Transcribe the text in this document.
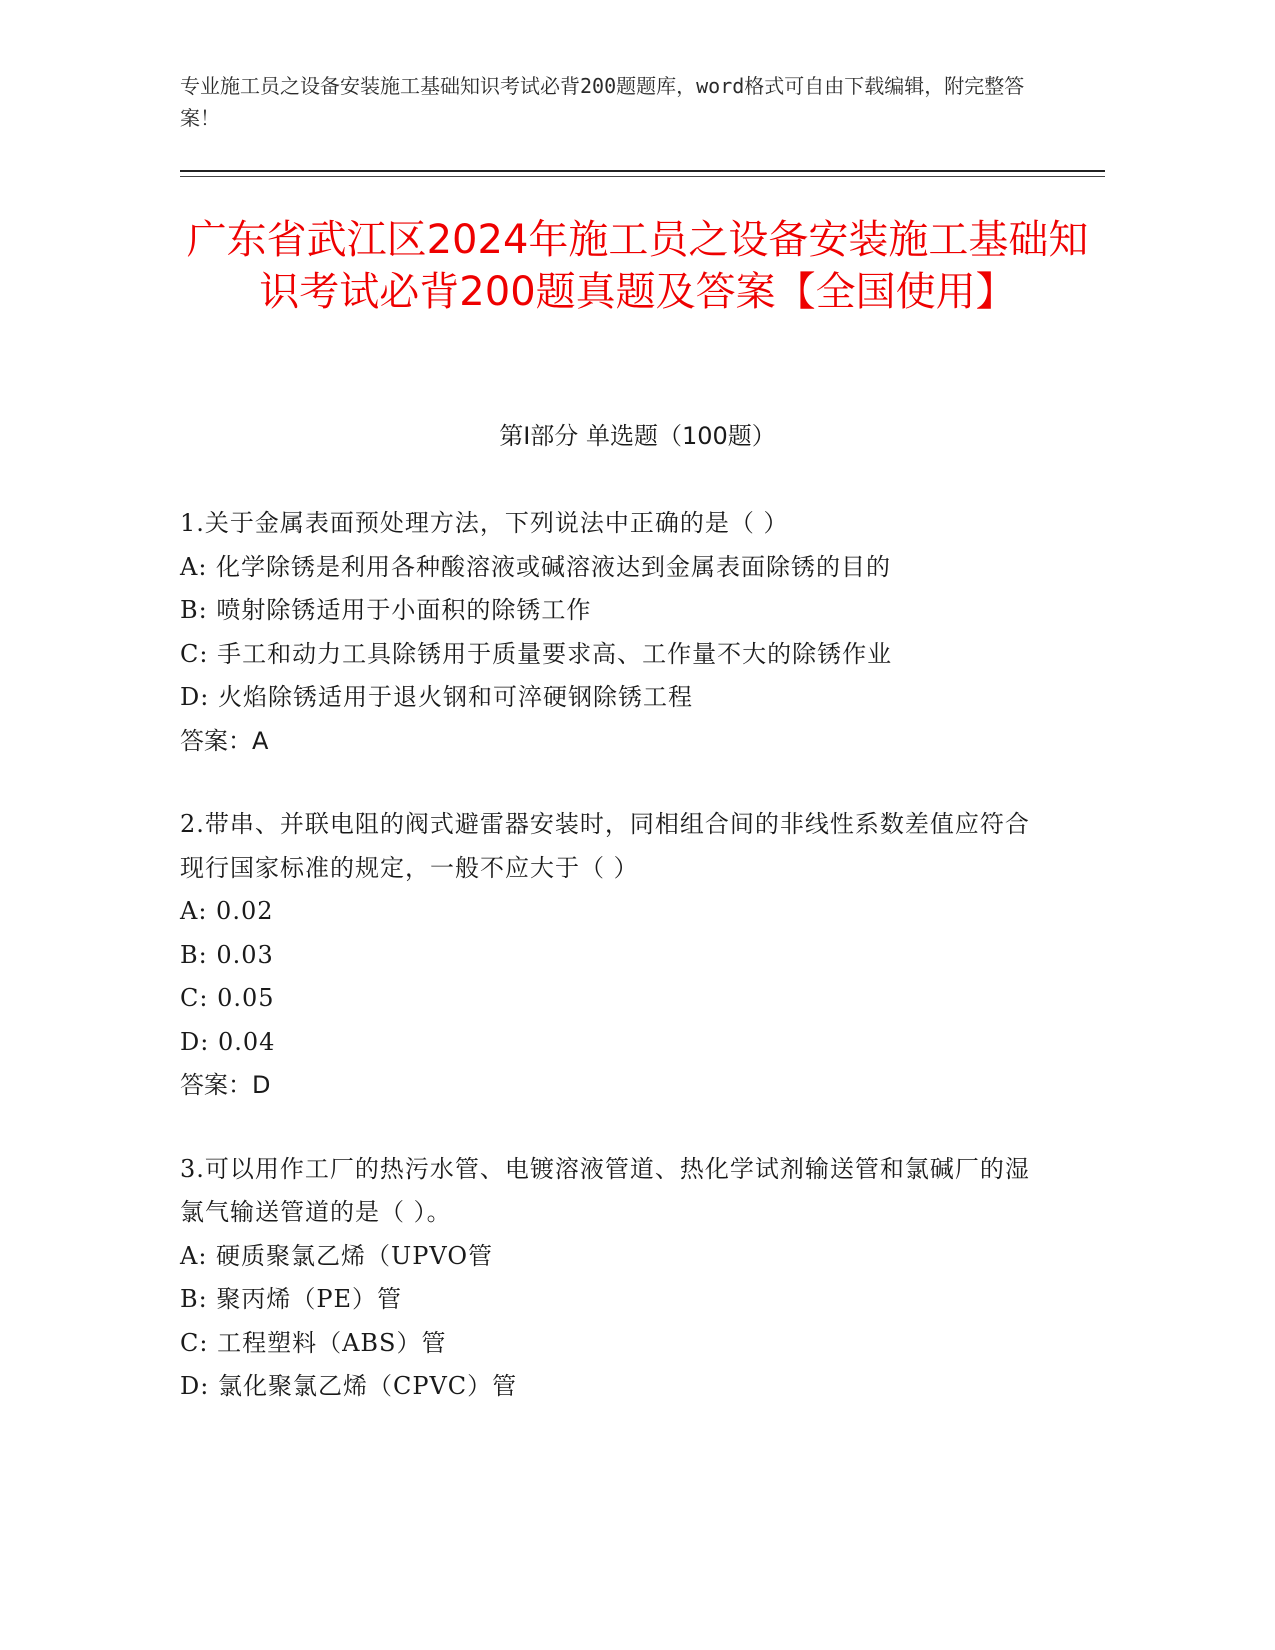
专业施工员之设备安装施工基础知识考试必背200题题库，word格式可自由下载编辑，附完整答案！

广东省武江区2024年施工员之设备安装施工基础知识考试必背200题真题及答案【全国使用】
第I部分 单选题（100题）

1.关于金属表面预处理方法，下列说法中正确的是（ ）

A: 化学除锈是利用各种酸溶液或碱溶液达到金属表面除锈的目的

B: 喷射除锈适用于小面积的除锈工作

C: 手工和动力工具除锈用于质量要求高、工作量不大的除锈作业

D: 火焰除锈适用于退火钢和可淬硬钢除锈工程

答案：A

2.带串、并联电阻的阀式避雷器安装时，同相组合间的非线性系数差值应符合现行国家标准的规定，一般不应大于（ ）

A: 0.02

B: 0.03

C: 0.05

D: 0.04

答案：D

3.可以用作工厂的热污水管、电镀溶液管道、热化学试剂输送管和氯碱厂的湿氯气输送管道的是（ ）。

A: 硬质聚氯乙烯（UPVO管

B: 聚丙烯（PE）管

C: 工程塑料（ABS）管

D: 氯化聚氯乙烯（CPVC）管
